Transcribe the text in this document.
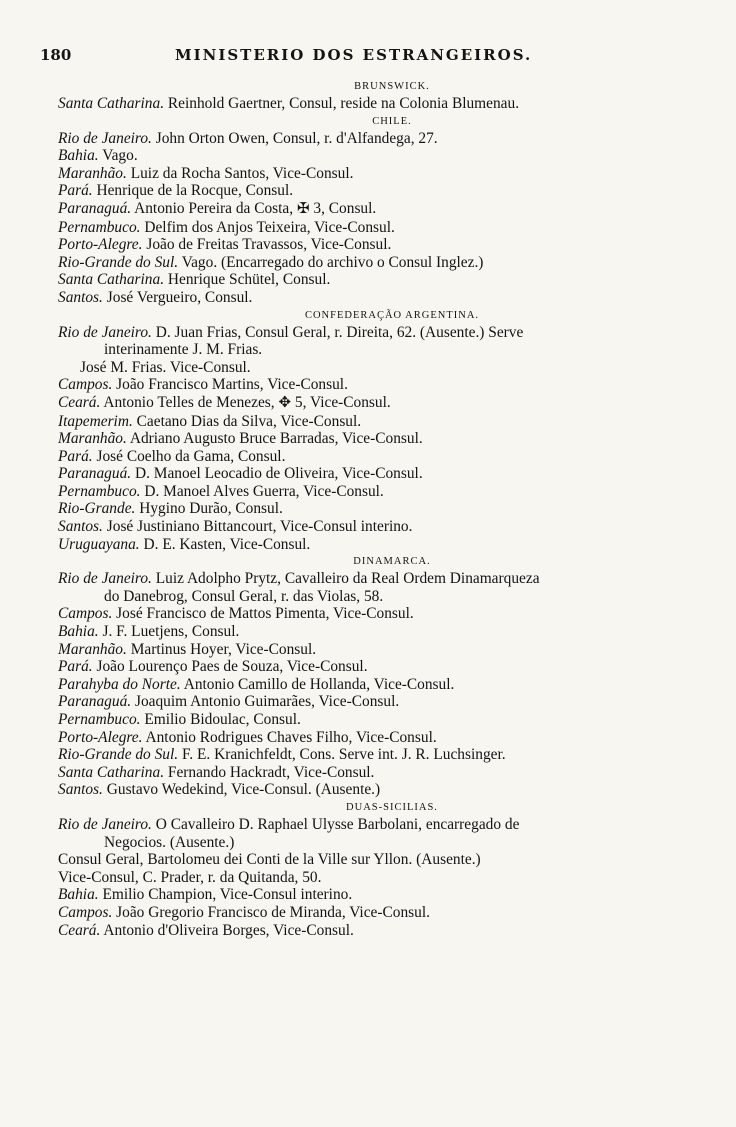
180	MINISTERIO DOS ESTRANGEIROS.
BRUNSWICK.
Santa Catharina. Reinhold Gaertner, Consul, reside na Colonia Blumenau.
CHILE.
Rio de Janeiro. John Orton Owen, Consul, r. d'Alfandega, 27.
Bahia. Vago.
Maranhão. Luiz da Rocha Santos, Vice-Consul.
Pará. Henrique de la Rocque, Consul.
Paranaguá. Antonio Pereira da Costa, ✠ 3, Consul.
Pernambuco. Delfim dos Anjos Teixeira, Vice-Consul.
Porto-Alegre. João de Freitas Travassos, Vice-Consul.
Rio-Grande do Sul. Vago. (Encarregado do archivo o Consul Inglez.)
Santa Catharina. Henrique Schütel, Consul.
Santos. José Vergueiro, Consul.
CONFEDERAÇÃO ARGENTINA.
Rio de Janeiro. D. Juan Frias, Consul Geral, r. Direita, 62. (Ausente.) Serve
interinamente J. M. Frias.
José M. Frias. Vice-Consul.
Campos. João Francisco Martins, Vice-Consul.
Ceará. Antonio Telles de Menezes, ✥ 5, Vice-Consul.
Itapemerim. Caetano Dias da Silva, Vice-Consul.
Maranhão. Adriano Augusto Bruce Barradas, Vice-Consul.
Pará. José Coelho da Gama, Consul.
Paranaguá. D. Manoel Leocadio de Oliveira, Vice-Consul.
Pernambuco. D. Manoel Alves Guerra, Vice-Consul.
Rio-Grande. Hygino Durão, Consul.
Santos. José Justiniano Bittancourt, Vice-Consul interino.
Uruguayana. D. E. Kasten, Vice-Consul.
DINAMARCA.
Rio de Janeiro. Luiz Adolpho Prytz, Cavalleiro da Real Ordem Dinamarqueza
do Danebrog, Consul Geral, r. das Violas, 58.
Campos. José Francisco de Mattos Pimenta, Vice-Consul.
Bahia. J. F. Luetjens, Consul.
Maranhão. Martinus Hoyer, Vice-Consul.
Pará. João Lourenço Paes de Souza, Vice-Consul.
Parahyba do Norte. Antonio Camillo de Hollanda, Vice-Consul.
Paranaguá. Joaquim Antonio Guimarães, Vice-Consul.
Pernambuco. Emilio Bidoulac, Consul.
Porto-Alegre. Antonio Rodrigues Chaves Filho, Vice-Consul.
Rio-Grande do Sul. F. E. Kranichfeldt, Cons. Serve int. J. R. Luchsinger.
Santa Catharina. Fernando Hackradt, Vice-Consul.
Santos. Gustavo Wedekind, Vice-Consul. (Ausente.)
DUAS-SICILIAS.
Rio de Janeiro. O Cavalleiro D. Raphael Ulysse Barbolani, encarregado de
Negocios. (Ausente.)
Consul Geral, Bartolomeu dei Conti de la Ville sur Yllon. (Ausente.)
Vice-Consul, C. Prader, r. da Quitanda, 50.
Bahia. Emilio Champion, Vice-Consul interino.
Campos. João Gregorio Francisco de Miranda, Vice-Consul.
Ceará. Antonio d'Oliveira Borges, Vice-Consul.
